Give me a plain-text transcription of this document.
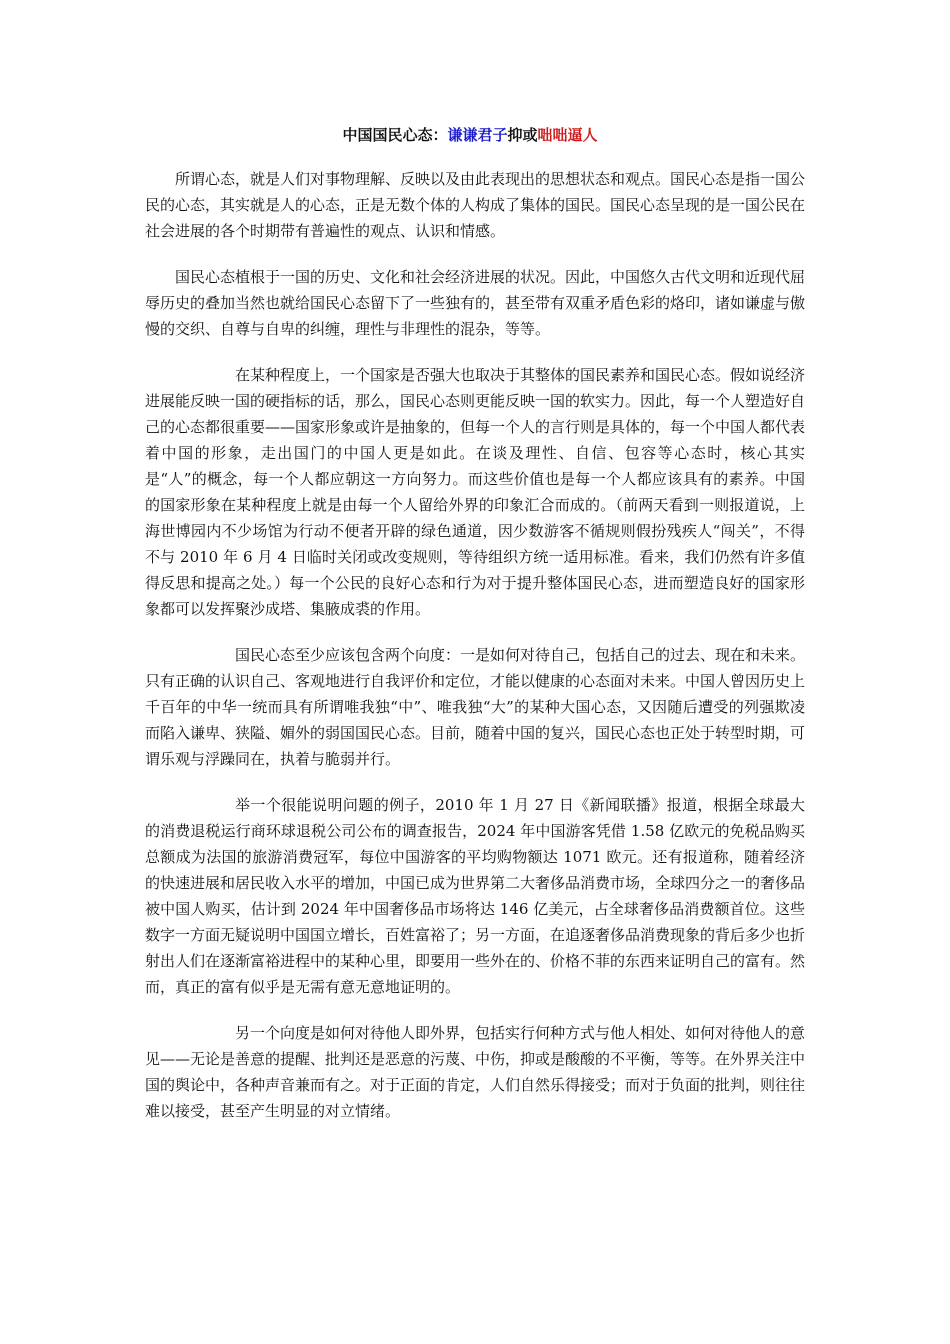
中国国民心态：谦谦君子抑或咄咄逼人

所谓心态，就是人们对事物理解、反映以及由此表现出的思想状态和观点。国民心态是指一国公民的心态，其实就是人的心态，正是无数个体的人构成了集体的国民。国民心态呈现的是一国公民在社会进展的各个时期带有普遍性的观点、认识和情感。

国民心态植根于一国的历史、文化和社会经济进展的状况。因此，中国悠久古代文明和近现代屈辱历史的叠加当然也就给国民心态留下了一些独有的，甚至带有双重矛盾色彩的烙印，诸如谦虚与傲慢的交织、自尊与自卑的纠缠，理性与非理性的混杂，等等。

在某种程度上，一个国家是否强大也取决于其整体的国民素养和国民心态。假如说经济进展能反映一国的硬指标的话，那么，国民心态则更能反映一国的软实力。因此，每一个人塑造好自己的心态都很重要——国家形象或许是抽象的，但每一个人的言行则是具体的，每一个中国人都代表着中国的形象，走出国门的中国人更是如此。在谈及理性、自信、包容等心态时，核心其实是“人”的概念，每一个人都应朝这一方向努力。而这些价值也是每一个人都应该具有的素养。中国的国家形象在某种程度上就是由每一个人留给外界的印象汇合而成的。（前两天看到一则报道说，上海世博园内不少场馆为行动不便者开辟的绿色通道，因少数游客不循规则假扮残疾人“闯关”，不得不与 2010 年 6 月 4 日临时关闭或改变规则，等待组织方统一适用标准。看来，我们仍然有许多值得反思和提高之处。）每一个公民的良好心态和行为对于提升整体国民心态，进而塑造良好的国家形象都可以发挥聚沙成塔、集腋成裘的作用。

国民心态至少应该包含两个向度：一是如何对待自己，包括自己的过去、现在和未来。只有正确的认识自己、客观地进行自我评价和定位，才能以健康的心态面对未来。中国人曾因历史上千百年的中华一统而具有所谓唯我独“中”、唯我独“大”的某种大国心态，又因随后遭受的列强欺凌而陷入谦卑、狭隘、媚外的弱国国民心态。目前，随着中国的复兴，国民心态也正处于转型时期，可谓乐观与浮躁同在，执着与脆弱并行。

举一个很能说明问题的例子，2010 年 1 月 27 日《新闻联播》报道，根据全球最大的消费退税运行商环球退税公司公布的调查报告，2024 年中国游客凭借 1.58 亿欧元的免税品购买总额成为法国的旅游消费冠军，每位中国游客的平均购物额达 1071 欧元。还有报道称，随着经济的快速进展和居民收入水平的增加，中国已成为世界第二大奢侈品消费市场，全球四分之一的奢侈品被中国人购买，估计到 2024 年中国奢侈品市场将达 146 亿美元，占全球奢侈品消费额首位。这些数字一方面无疑说明中国国立增长，百姓富裕了；另一方面，在追逐奢侈品消费现象的背后多少也折射出人们在逐渐富裕进程中的某种心里，即要用一些外在的、价格不菲的东西来证明自己的富有。然而，真正的富有似乎是无需有意无意地证明的。

另一个向度是如何对待他人即外界，包括实行何种方式与他人相处、如何对待他人的意见——无论是善意的提醒、批判还是恶意的污蔑、中伤，抑或是酸酸的不平衡，等等。在外界关注中国的舆论中，各种声音兼而有之。对于正面的肯定，人们自然乐得接受；而对于负面的批判，则往往难以接受，甚至产生明显的对立情绪。
